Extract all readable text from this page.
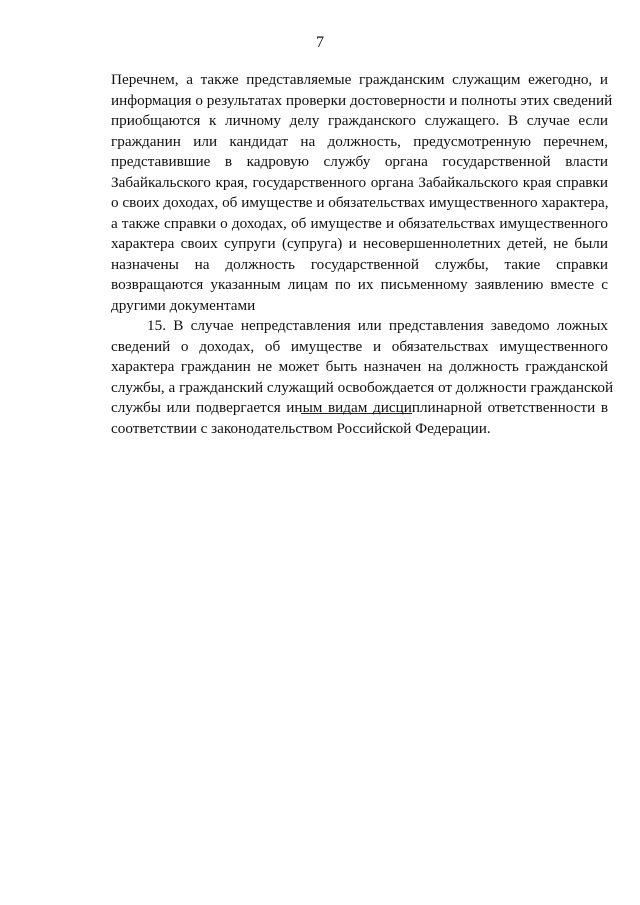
7
Перечнем, а также представляемые гражданским служащим ежегодно, и
информация о результатах проверки достоверности и полноты этих сведений
приобщаются к личному делу гражданского служащего. В случае если
гражданин или кандидат на должность, предусмотренную перечнем,
представившие в кадровую службу органа государственной власти
Забайкальского края, государственного органа Забайкальского края справки
о своих доходах, об имуществе и обязательствах имущественного характера,
а также справки о доходах, об имуществе и обязательствах имущественного
характера своих супруги (супруга) и несовершеннолетних детей, не были
назначены на должность государственной службы, такие справки
возвращаются указанным лицам по их письменному заявлению вместе с
другими документами
15. В случае непредставления или представления заведомо ложных
сведений о доходах, об имуществе и обязательствах имущественного
характера гражданин не может быть назначен на должность гражданской
службы, а гражданский служащий освобождается от должности гражданской
службы или подвергается иным видам дисциплинарной ответственности в
соответствии с законодательством Российской Федерации.
